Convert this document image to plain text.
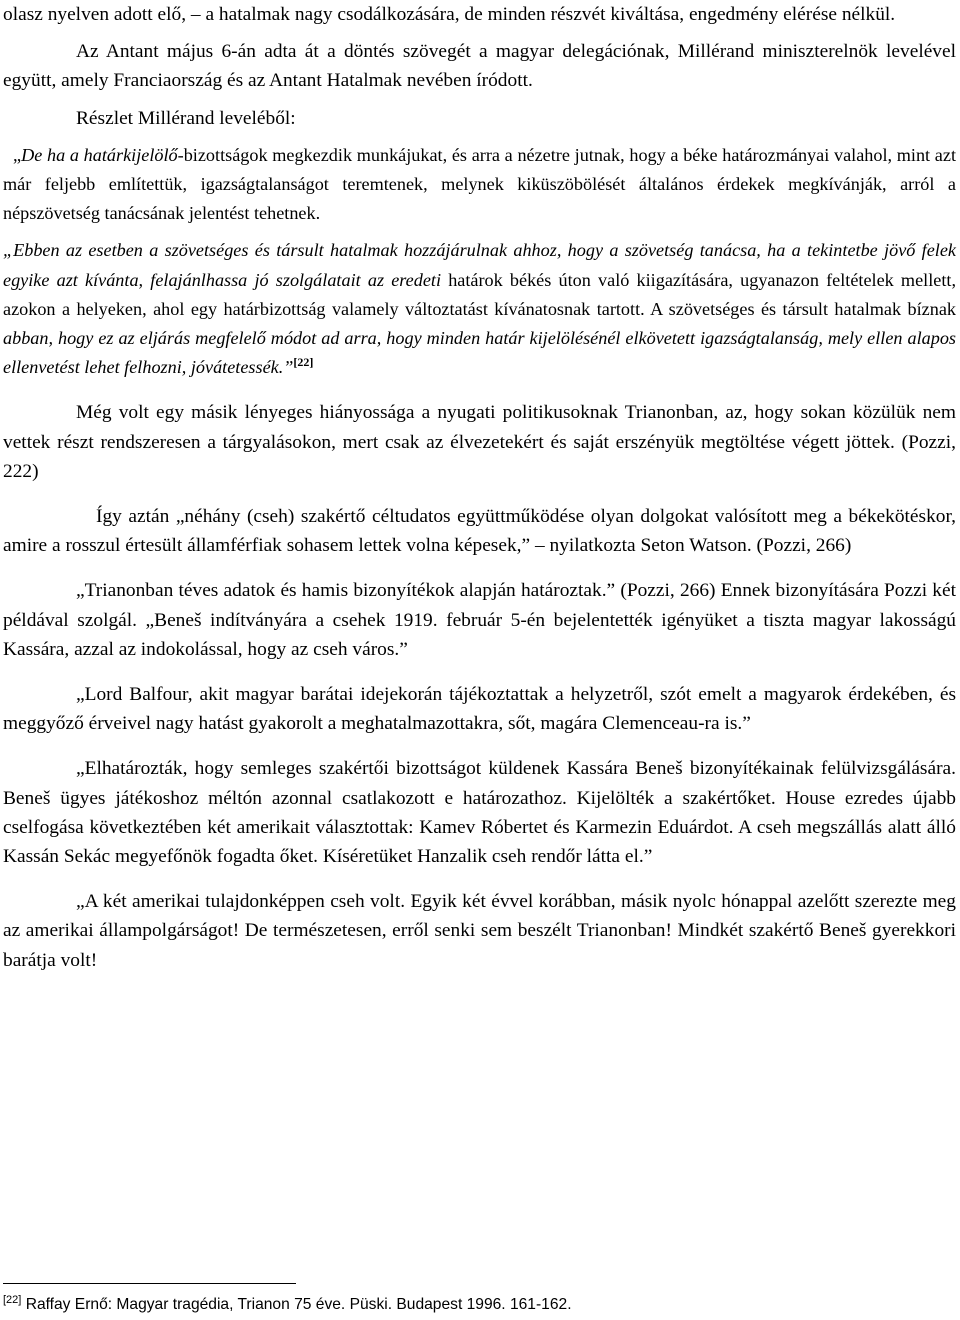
olasz nyelven adott elő, – a hatalmak nagy csodálkozására, de minden részvét kiváltása, engedmény elérése nélkül.

Az Antant május 6-án adta át a döntés szövegét a magyar delegációnak, Millérand miniszterelnök levelével együtt, amely Franciaország és az Antant Hatalmak nevében íródott.

Részlet Millérand leveléből:

„De ha a határkijelölő-bizottságok megkezdik munkájukat, és arra a nézetre jutnak, hogy a béke határozmányai valahol, mint azt már feljebb említettük, igazságtalanságot teremtenek, melynek kiküszöbölését általános érdekek megkívánják, arról a népszövetség tanácsának jelentést tehetnek.

„Ebben az esetben a szövetséges és társult hatalmak hozzájárulnak ahhoz, hogy a szövetség tanácsa, ha a tekintetbe jövő felek egyike azt kívánta, felajánlhassa jó szolgálatait az eredeti határok békés úton való kiigazítására, ugyanazon feltételek mellett, azokon a helyeken, ahol egy határbizottság valamely változtatást kívánatosnak tartott. A szövetséges és társult hatalmak bíznak abban, hogy ez az eljárás megfelelő módot ad arra, hogy minden határ kijelölésénél elkövetett igazságtalanság, mely ellen alapos ellenvetést lehet felhozni, jóvátetessék.”[22]

Még volt egy másik lényeges hiányossága a nyugati politikusoknak Trianonban, az, hogy sokan közülük nem vettek részt rendszeresen a tárgyalásokon, mert csak az élvezetekért és saját erszényük megtöltése végett jöttek. (Pozzi, 222)

Így aztán „néhány (cseh) szakértő céltudatos együttműködése olyan dolgokat valósított meg a békekötéskor, amire a rosszul értesült államférfiak sohasem lettek volna képesek,” – nyilatkozta Seton Watson. (Pozzi, 266)

„Trianonban téves adatok és hamis bizonyítékok alapján határoztak.” (Pozzi, 266) Ennek bizonyítására Pozzi két példával szolgál. „Beneš indítványára a csehek 1919. február 5-én bejelentették igényüket a tiszta magyar lakosságú Kassára, azzal az indokolással, hogy az cseh város.”

„Lord Balfour, akit magyar barátai idejekorán tájékoztattak a helyzetről, szót emelt a magyarok érdekében, és meggyőző érveivel nagy hatást gyakorolt a meghatalmazottakra, sőt, magára Clemenceau-ra is.”

„Elhatározták, hogy semleges szakértői bizottságot küldenek Kassára Beneš bizonyítékainak felülvizsgálására. Beneš ügyes játékoshoz méltón azonnal csatlakozott e határozathoz. Kijelölték a szakértőket. House ezredes újabb cselfogása következtében két amerikait választottak: Kamev Róbertet és Karmezin Eduárdot. A cseh megszállás alatt álló Kassán Sekác megyefőnök fogadta őket. Kíséretüket Hanzalik cseh rendőr látta el.”

„A két amerikai tulajdonképpen cseh volt. Egyik két évvel korábban, másik nyolc hónappal azelőtt szerezte meg az amerikai állampolgárságot! De természetesen, erről senki sem beszélt Trianonban! Mindkét szakértő Beneš gyerekkori barátja volt!

[22] Raffay Ernő: Magyar tragédia, Trianon 75 éve. Püski. Budapest 1996. 161-162.
